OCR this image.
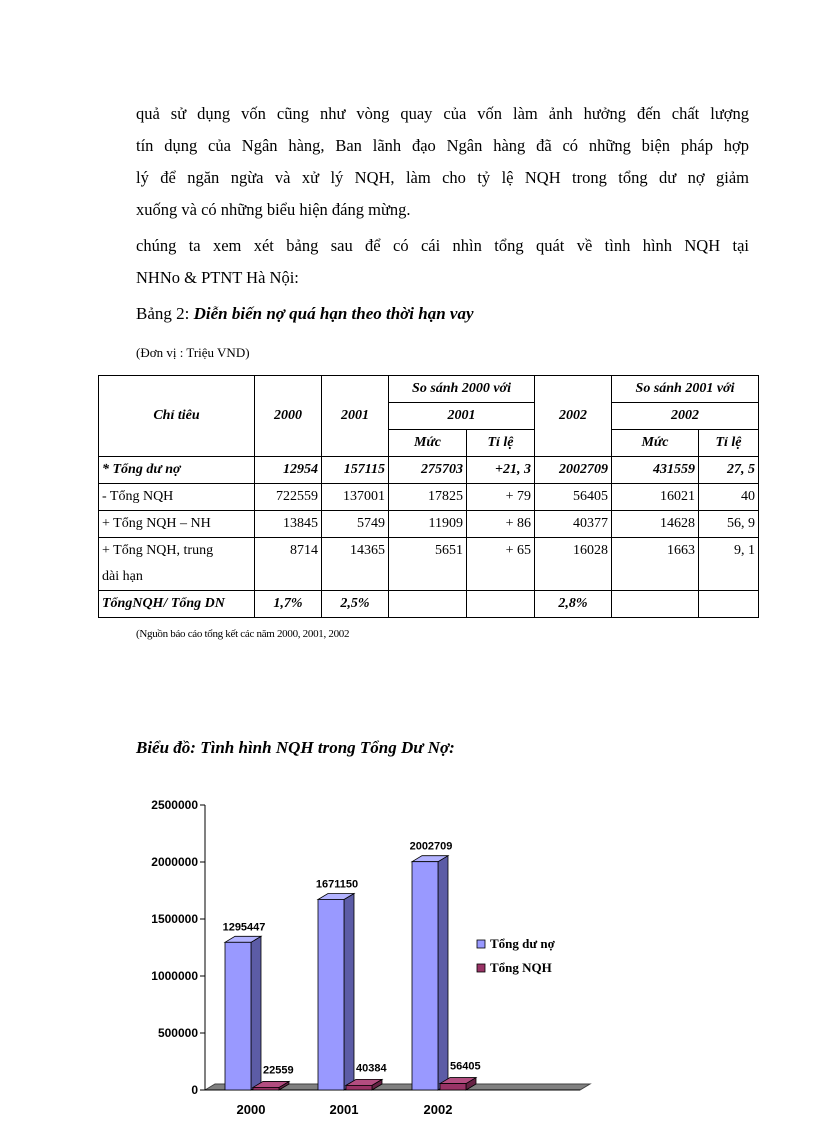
quả sử dụng vốn cũng như vòng quay của vốn làm ảnh hưởng đến chất lượng
tín dụng của Ngân hàng, Ban lãnh đạo Ngân hàng đã có những biện pháp hợp
lý để ngăn ngừa và xử lý NQH, làm cho tỷ lệ NQH trong tổng dư nợ giảm
xuống và có những biểu hiện đáng mừng.

chúng ta xem xét bảng sau để có cái nhìn tổng quát về tình hình NQH tại
NHNo & PTNT Hà Nội:

Bảng 2: Diễn biến nợ quá hạn theo thời hạn vay
(Đơn vị : Triệu VND)
Chỉ tiêu	2000	2001	So sánh 2000 với		2002	So sánh 2001 với	
			2001			2002	
			Mức	Tỉ lệ		Mức	Tỉ lệ
* Tổng dư nợ	12954	157115	275703	+21, 3	2002709	431559	27, 5
- Tổng NQH	722559	137001	17825	+ 79	56405	16021	40
+ Tổng NQH – NH	13845	5749	11909	+ 86	40377	14628	56, 9

+ Tổng NQH, trung
dài hạn	8714	14365	5651	+ 65	16028	1663	9, 1
TổngNQH/ Tổng DN	1,7%	2,5%			2,8%		
(Nguồn báo cáo tổng kết các năm 2000, 2001, 2002
Biểu đồ: Tình hình NQH trong Tổng Dư Nợ:
0
500000
1000000
1500000
2000000
2500000
1295447
22559
2000
1671150
40384
2001
2002709
56405
2002
Tổng dư nợ
Tổng NQH
